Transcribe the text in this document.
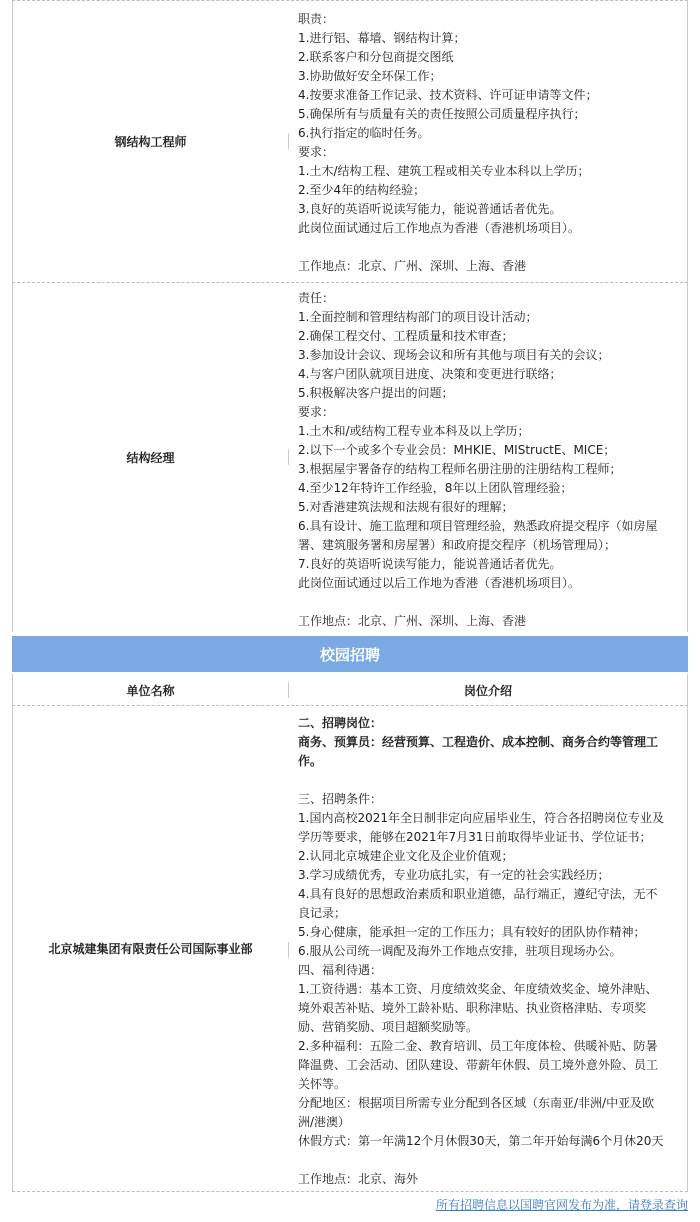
钢结构工程师

职责：

1.进行铝、幕墙、钢结构计算；

2.联系客户和分包商提交图纸

3.协助做好安全环保工作；

4.按要求准备工作记录、技术资料、许可证申请等文件；

5.确保所有与质量有关的责任按照公司质量程序执行；

6.执行指定的临时任务。

要求：

1.土木/结构工程、建筑工程或相关专业本科以上学历；

2.至少4年的结构经验；

3.良好的英语听说读写能力，能说普通话者优先。

此岗位面试通过后工作地点为香港（香港机场项目）。

工作地点：北京、广州、深圳、上海、香港

结构经理

责任：

1.全面控制和管理结构部门的项目设计活动；

2.确保工程交付、工程质量和技术审查；

3.参加设计会议、现场会议和所有其他与项目有关的会议；

4.与客户团队就项目进度、决策和变更进行联络；

5.积极解决客户提出的问题；

要求：

1.土木和/或结构工程专业本科及以上学历；

2.以下一个或多个专业会员：MHKIE、MIStructE、MICE；

3.根据屋宇署备存的结构工程师名册注册的注册结构工程师；

4.至少12年特许工作经验，8年以上团队管理经验；

5.对香港建筑法规和法规有很好的理解；

6.具有设计、施工监理和项目管理经验，熟悉政府提交程序（如房屋

署、建筑服务署和房屋署）和政府提交程序（机场管理局）；

7.良好的英语听说读写能力，能说普通话者优先。

此岗位面试通过以后工作地为香港（香港机场项目）。

工作地点：北京、广州、深圳、上海、香港

校园招聘
单位名称	岗位介绍
北京城建集团有限责任公司国际事业部

二、招聘岗位：

商务、预算员：经营预算、工程造价、成本控制、商务合约等管理工

作。

三、招聘条件：

1.国内高校2021年全日制非定向应届毕业生，符合各招聘岗位专业及

学历等要求，能够在2021年7月31日前取得毕业证书、学位证书；

2.认同北京城建企业文化及企业价值观；

3.学习成绩优秀，专业功底扎实，有一定的社会实践经历；

4.具有良好的思想政治素质和职业道德，品行端正，遵纪守法，无不

良记录；

5.身心健康，能承担一定的工作压力；具有较好的团队协作精神；

6.服从公司统一调配及海外工作地点安排，驻项目现场办公。

四、福利待遇：

1.工资待遇：基本工资、月度绩效奖金、年度绩效奖金、境外津贴、

境外艰苦补贴、境外工龄补贴、职称津贴、执业资格津贴、专项奖

励、营销奖励、项目超额奖励等。

2.多种福利：五险二金、教育培训、员工年度体检、供暖补贴、防暑

降温费、工会活动、团队建设、带薪年休假、员工境外意外险、员工

关怀等。

分配地区：根据项目所需专业分配到各区域（东南亚/非洲/中亚及欧

洲/港澳）

休假方式：第一年满12个月休假30天，第二年开始每满6个月休20天

工作地点：北京、海外

所有招聘信息以国聘官网发布为准，请登录查询
